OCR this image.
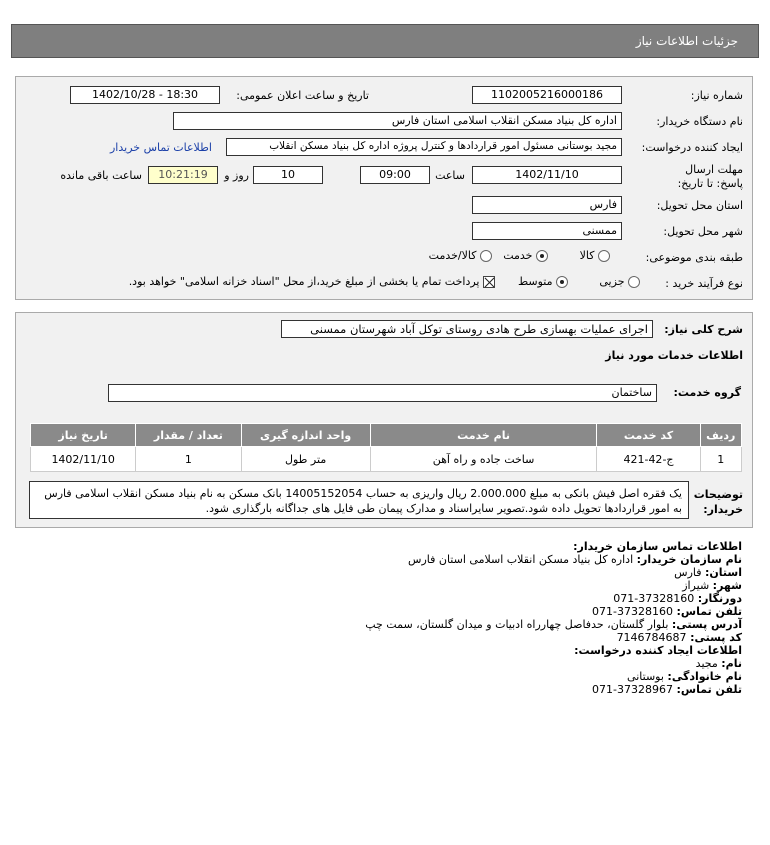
جزئیات اطلاعات نیاز
شماره نیاز:
1102005216000186
تاریخ و ساعت اعلان عمومی:
1402/10/28 - 18:30
نام دستگاه خریدار:
اداره کل بنیاد مسکن انقلاب اسلامی استان فارس
ایجاد کننده درخواست:
مجید بوستانی مسئول امور قراردادها و کنترل پروژه اداره کل بنیاد مسکن انقلاب
اطلاعات تماس خریدار
مهلت ارسال پاسخ: تا تاریخ:
1402/11/10
ساعت
09:00
10
روز و
10:21:19
ساعت باقی مانده
استان محل تحویل:
فارس
شهر محل تحویل:
ممسنی
طبقه بندی موضوعی:
کالا
خدمت
کالا/خدمت
نوع فرآیند خرید :
جزیی
متوسط
پرداخت تمام یا بخشی از مبلغ خرید،از محل "اسناد خزانه اسلامی" خواهد بود.
شرح کلی نیاز:
اجرای عملیات بهسازی طرح هادی روستای توکل آباد شهرستان ممسنی
اطلاعات خدمات مورد نیاز
گروه خدمت:
ساختمان
ردیف	کد خدمت	نام خدمت	واحد اندازه گیری	تعداد / مقدار	تاریخ نیاز
1	ج-42-421	ساخت جاده و راه آهن	متر طول	1	1402/11/10
توضیحات خریدار:
یک فقره اصل فیش بانکی به مبلغ 2.000.000 ریال واریزی به حساب 14005152054 بانک مسکن به نام بنیاد مسکن انقلاب اسلامی فارس به امور قراردادها تحویل داده شود.تصویر سایراسناد و مدارک پیمان طی فایل های جداگانه بارگذاری شود.
اطلاعات تماس سازمان خریدار:
نام سازمان خریدار: اداره کل بنیاد مسکن انقلاب اسلامی استان فارس
استان: فارس
شهر: شیراز
دورنگار: 37328160-071
تلفن تماس: 37328160-071
آدرس پستی: بلوار گلستان، حدفاصل چهارراه ادبیات و میدان گلستان، سمت چپ
کد پستی: 7146784687
اطلاعات ایجاد کننده درخواست:
نام: مجید
نام خانوادگی: بوستانی
تلفن تماس: 37328967-071
